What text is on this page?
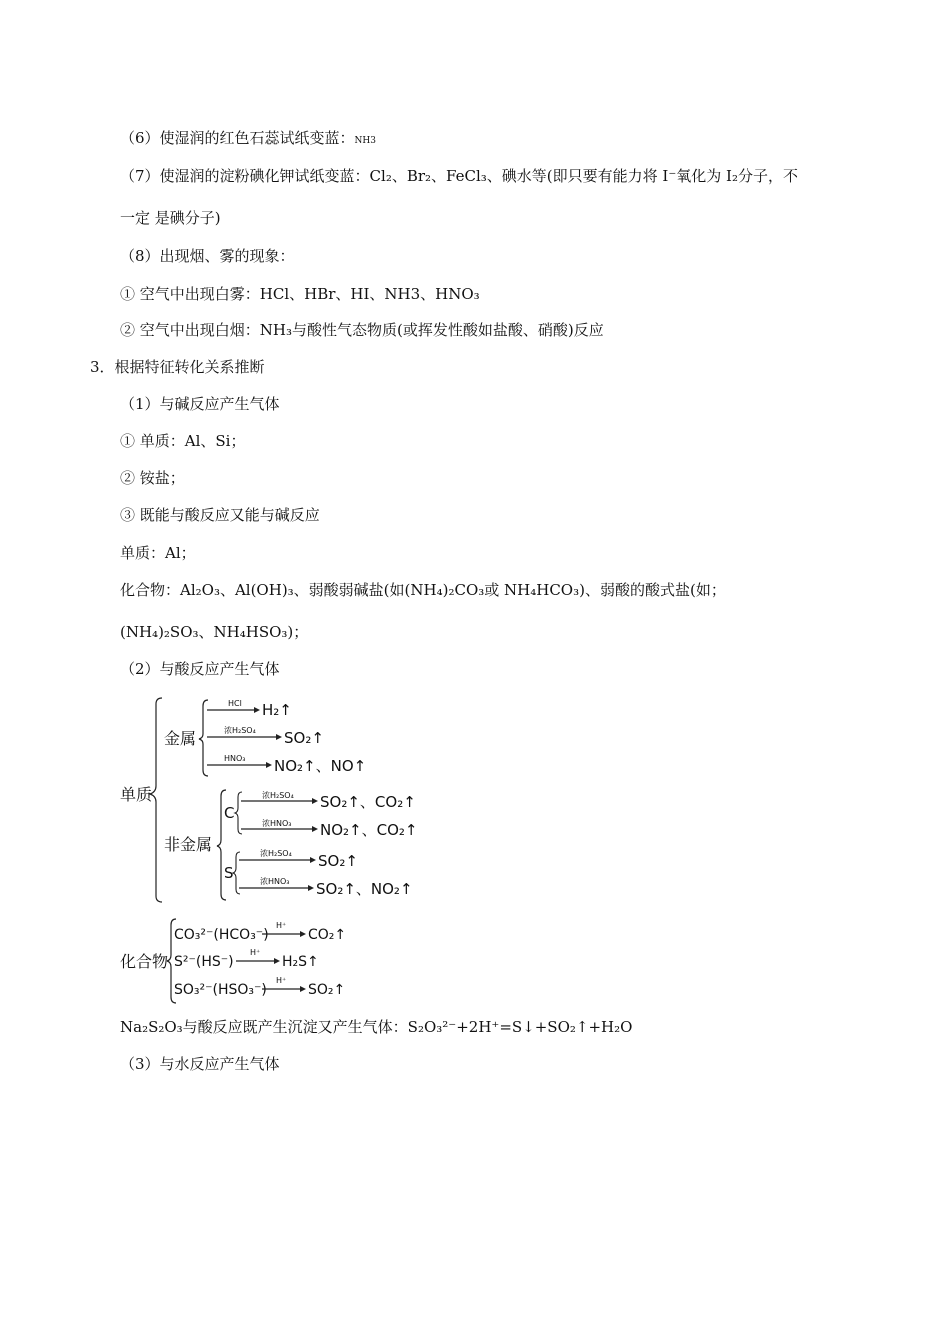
（6）使湿润的红色石蕊试纸变蓝：NH3
（7）使湿润的淀粉碘化钾试纸变蓝：Cl₂、Br₂、FeCl₃、碘水等(即只要有能力将 I⁻氧化为 I₂分子，不
一定 是碘分子)
（8）出现烟、雾的现象：
① 空气中出现白雾：HCl、HBr、HI、NH3、HNO₃
② 空气中出现白烟：NH₃与酸性气态物质(或挥发性酸如盐酸、硝酸)反应
3．根据特征转化关系推断
（1）与碱反应产生气体
① 单质：Al、Si；
② 铵盐；
③ 既能与酸反应又能与碱反应
单质：Al；
化合物：Al₂O₃、Al(OH)₃、弱酸弱碱盐(如(NH₄)₂CO₃或 NH₄HCO₃)、弱酸的酸式盐(如；
(NH₄)₂SO₃、NH₄HSO₃)；
（2）与酸反应产生气体
单质
金属
HCl H₂↑
浓H₂SO₄ SO₂↑
HNO₃ NO₂↑、NO↑
非金属
C
浓H₂SO₄ SO₂↑、CO₂↑
浓HNO₃ NO₂↑、CO₂↑
S
浓H₂SO₄ SO₂↑
浓HNO₃ SO₂↑、NO₂↑
化合物
CO₃²⁻(HCO₃⁻)
H⁺
CO₂↑
S²⁻(HS⁻)
H⁺
H₂S↑
SO₃²⁻(HSO₃⁻)
H⁺
SO₂↑
Na₂S₂O₃与酸反应既产生沉淀又产生气体：S₂O₃²⁻+2H⁺=S↓+SO₂↑+H₂O
（3）与水反应产生气体
